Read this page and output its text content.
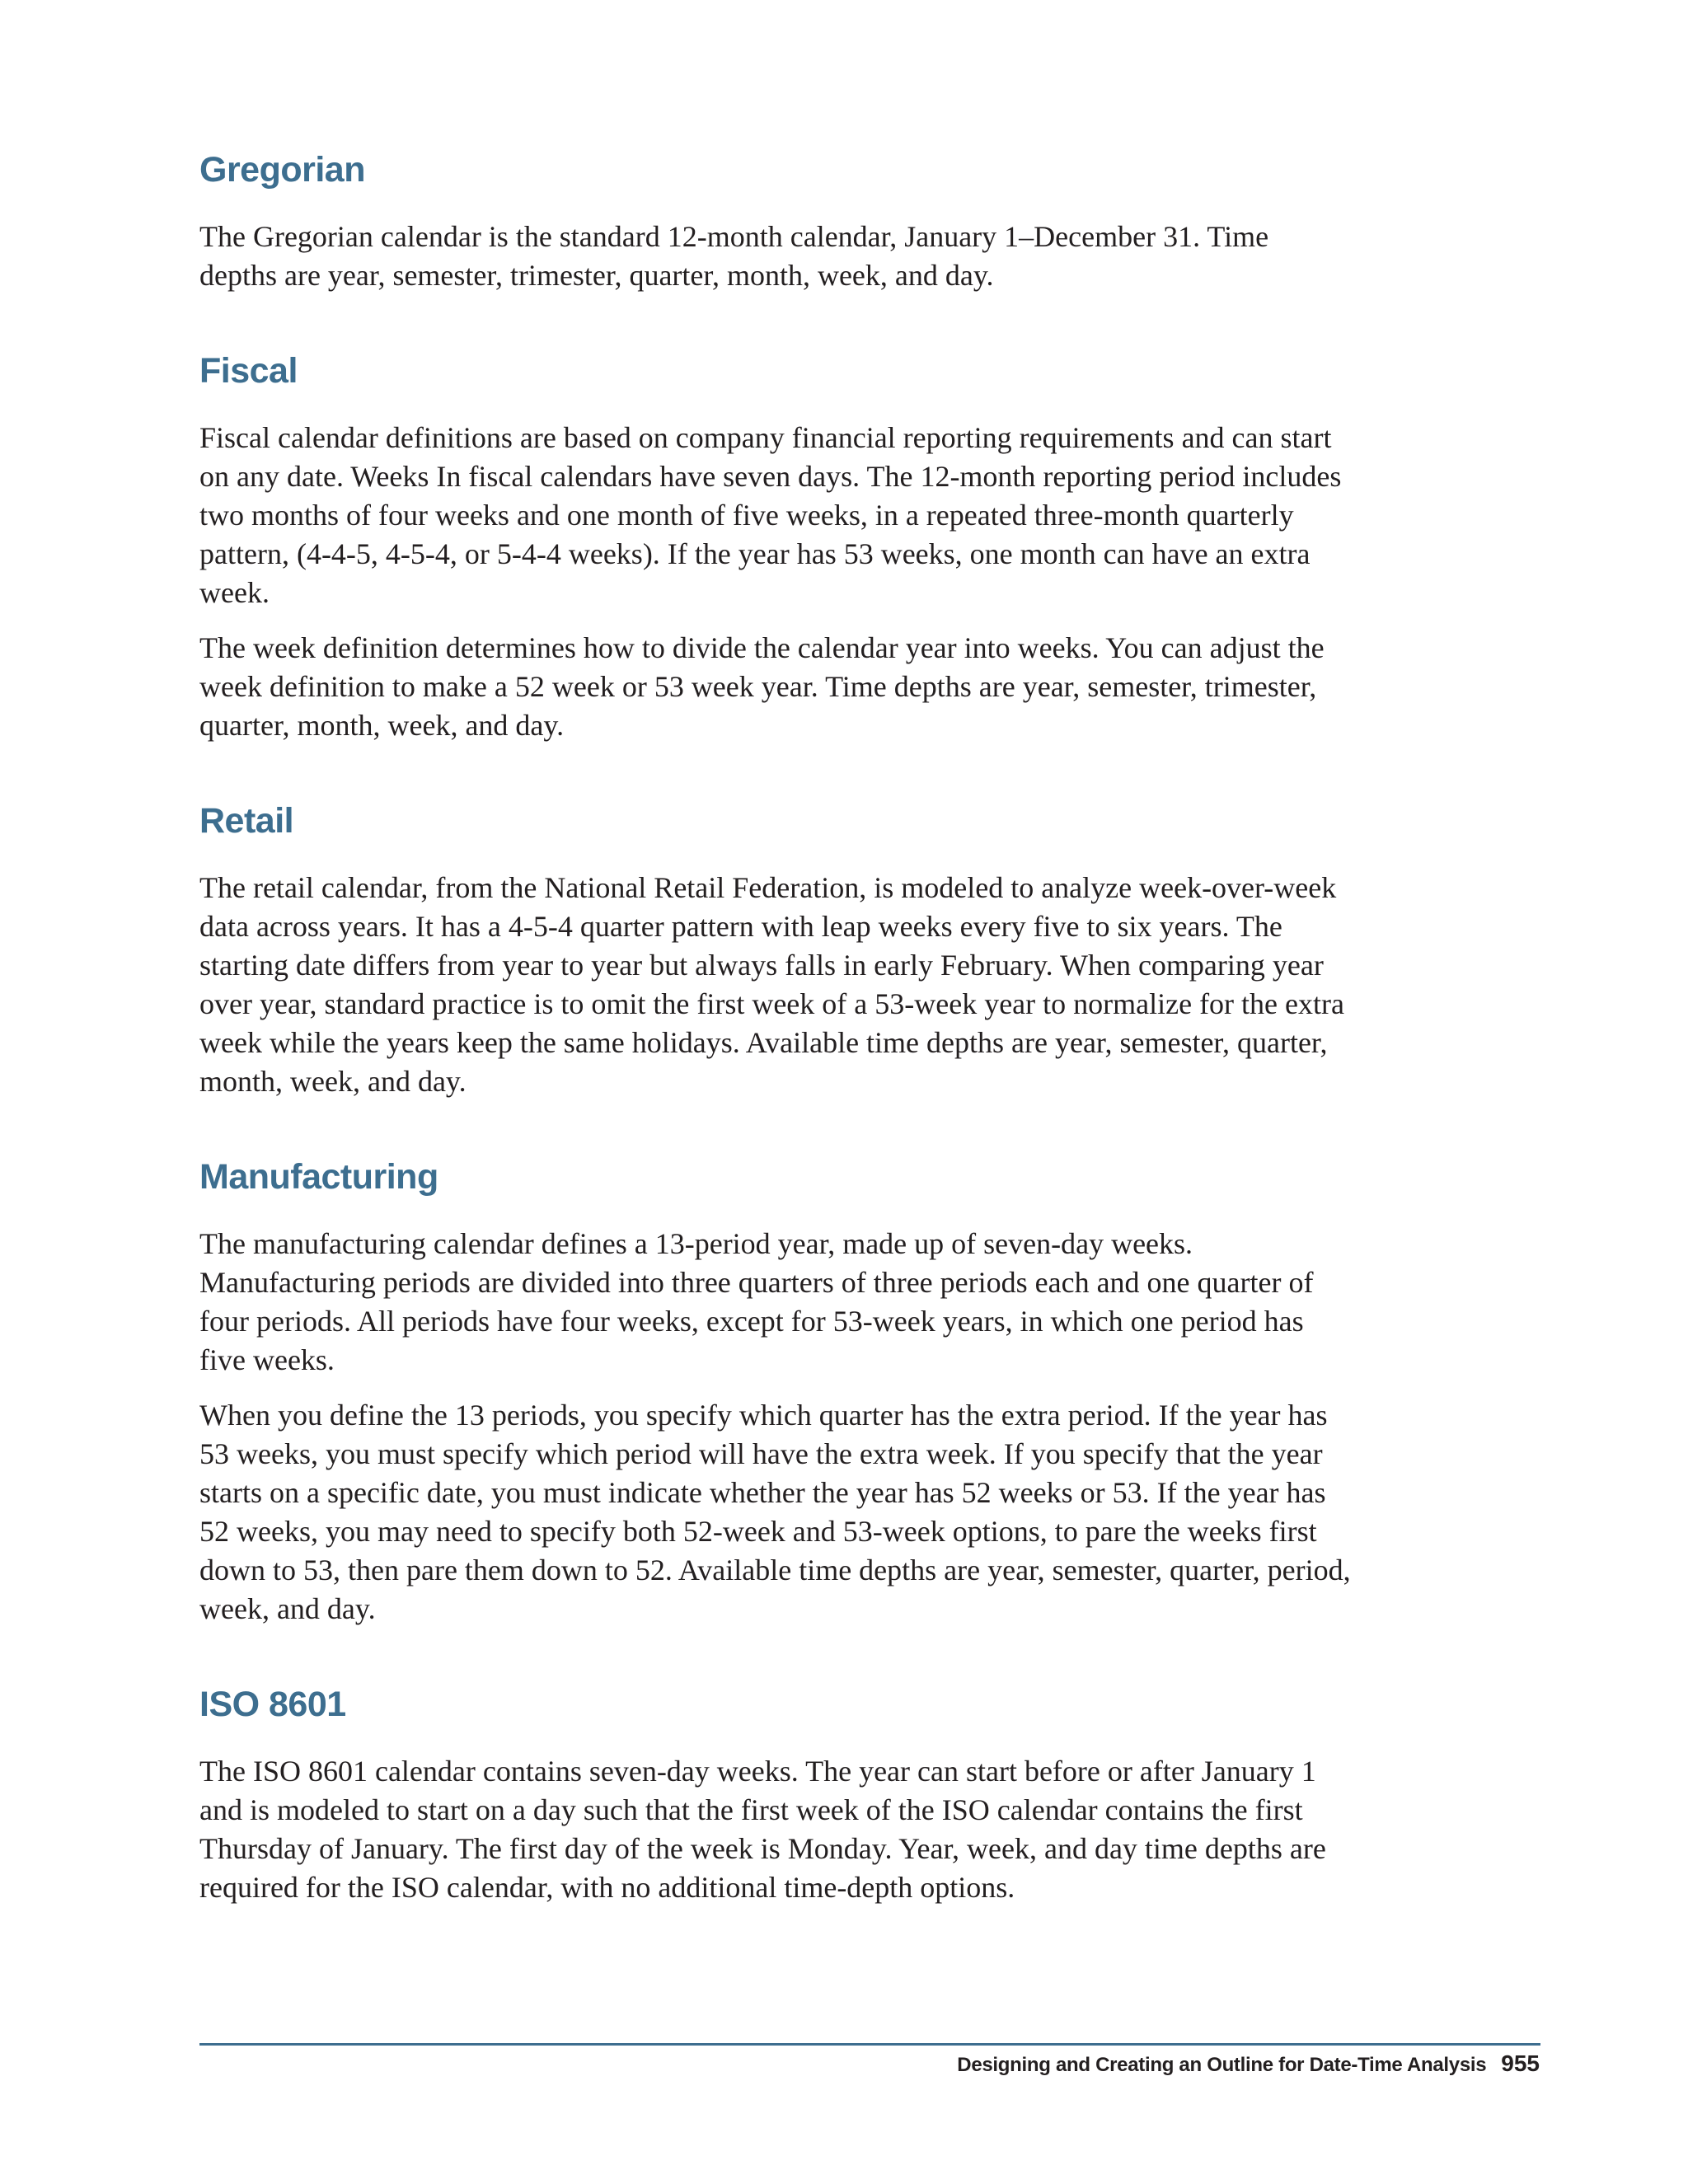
Gregorian

The Gregorian calendar is the standard 12-month calendar, January 1–December 31. Time depths are year, semester, trimester, quarter, month, week, and day.

Fiscal

Fiscal calendar definitions are based on company financial reporting requirements and can start on any date. Weeks In fiscal calendars have seven days. The 12-month reporting period includes two months of four weeks and one month of five weeks, in a repeated three-month quarterly pattern, (4-4-5, 4-5-4, or 5-4-4 weeks). If the year has 53 weeks, one month can have an extra week.

The week definition determines how to divide the calendar year into weeks. You can adjust the week definition to make a 52 week or 53 week year. Time depths are year, semester, trimester, quarter, month, week, and day.

Retail

The retail calendar, from the National Retail Federation, is modeled to analyze week-over-week data across years. It has a 4-5-4 quarter pattern with leap weeks every five to six years. The starting date differs from year to year but always falls in early February. When comparing year over year, standard practice is to omit the first week of a 53-week year to normalize for the extra week while the years keep the same holidays. Available time depths are year, semester, quarter, month, week, and day.

Manufacturing

The manufacturing calendar defines a 13-period year, made up of seven-day weeks. Manufacturing periods are divided into three quarters of three periods each and one quarter of four periods. All periods have four weeks, except for 53-week years, in which one period has five weeks.

When you define the 13 periods, you specify which quarter has the extra period. If the year has 53 weeks, you must specify which period will have the extra week. If you specify that the year starts on a specific date, you must indicate whether the year has 52 weeks or 53. If the year has 52 weeks, you may need to specify both 52-week and 53-week options, to pare the weeks first down to 53, then pare them down to 52. Available time depths are year, semester, quarter, period, week, and day.

ISO 8601

The ISO 8601 calendar contains seven-day weeks. The year can start before or after January 1 and is modeled to start on a day such that the first week of the ISO calendar contains the first Thursday of January. The first day of the week is Monday. Year, week, and day time depths are required for the ISO calendar, with no additional time-depth options.

Designing and Creating an Outline for Date-Time Analysis 955
